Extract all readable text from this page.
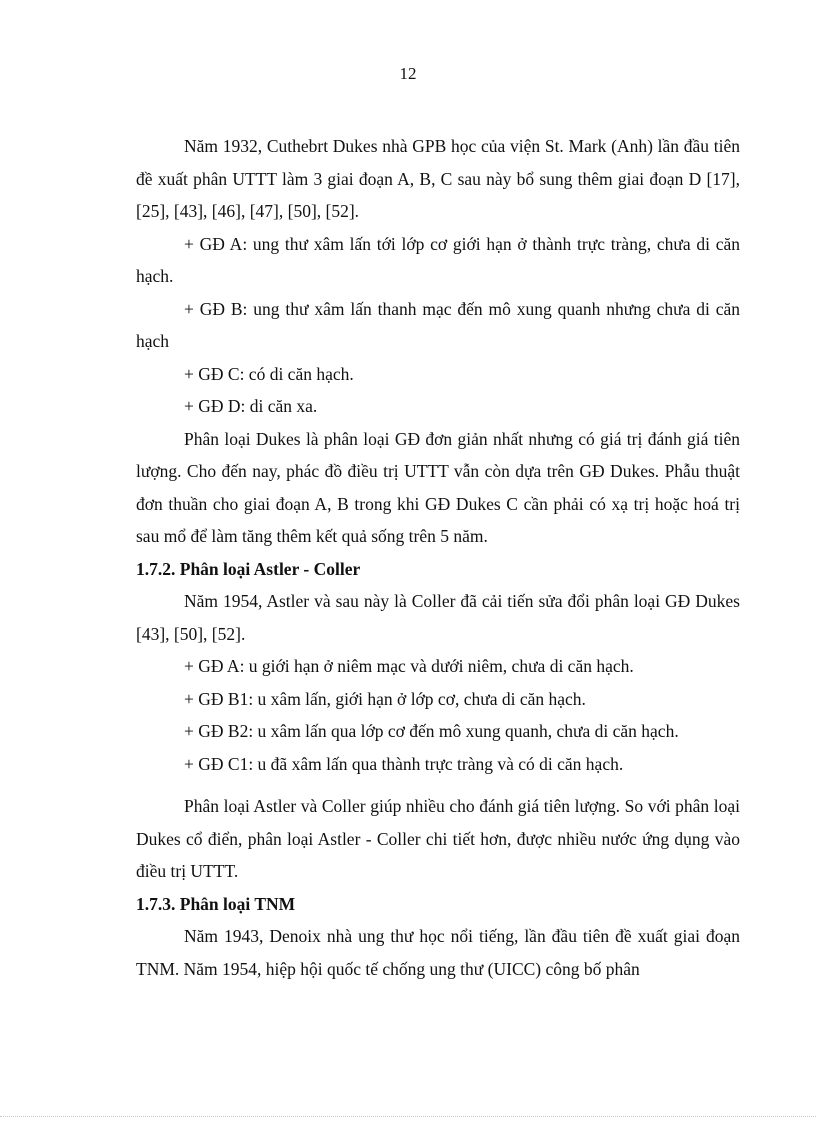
12

Năm 1932, Cuthebrt Dukes nhà GPB học của viện St. Mark (Anh) lần đầu tiên đề xuất phân UTTT làm 3 giai đoạn A, B, C sau này bổ sung thêm giai đoạn D [17], [25], [43], [46], [47], [50], [52].

+ GĐ A: ung thư xâm lấn tới lớp cơ giới hạn ở thành trực tràng, chưa di căn hạch.

+ GĐ B: ung thư xâm lấn thanh mạc đến mô xung quanh nhưng chưa di căn hạch

+ GĐ C: có di căn hạch.

+ GĐ D: di căn xa.

Phân loại Dukes là phân loại GĐ đơn giản nhất nhưng có giá trị đánh giá tiên lượng. Cho đến nay, phác đồ điều trị UTTT vẫn còn dựa trên GĐ Dukes. Phẫu thuật đơn thuần cho giai đoạn A, B trong khi GĐ Dukes C cần phải có xạ trị hoặc hoá trị sau mổ để làm tăng thêm kết quả sống trên 5 năm.

1.7.2. Phân loại Astler - Coller

Năm 1954, Astler và sau này là Coller đã cải tiến sửa đổi phân loại GĐ Dukes [43], [50], [52].

+ GĐ A: u giới hạn ở niêm mạc và dưới niêm, chưa di căn hạch.

+ GĐ B1: u xâm lấn, giới hạn ở lớp cơ, chưa di căn hạch.

+ GĐ B2: u xâm lấn qua lớp cơ đến mô xung quanh, chưa di căn hạch.

+ GĐ C1: u đã xâm lấn qua thành trực tràng và có di căn hạch.

Phân loại Astler và Coller giúp nhiều cho đánh giá tiên lượng. So với phân loại Dukes cổ điển, phân loại Astler - Coller chi tiết hơn, được nhiều nước ứng dụng vào điều trị UTTT.

1.7.3. Phân loại TNM

Năm 1943, Denoix nhà ung thư học nổi tiếng, lần đầu tiên đề xuất giai đoạn TNM. Năm 1954, hiệp hội quốc tế chống ung thư (UICC) công bố phân
